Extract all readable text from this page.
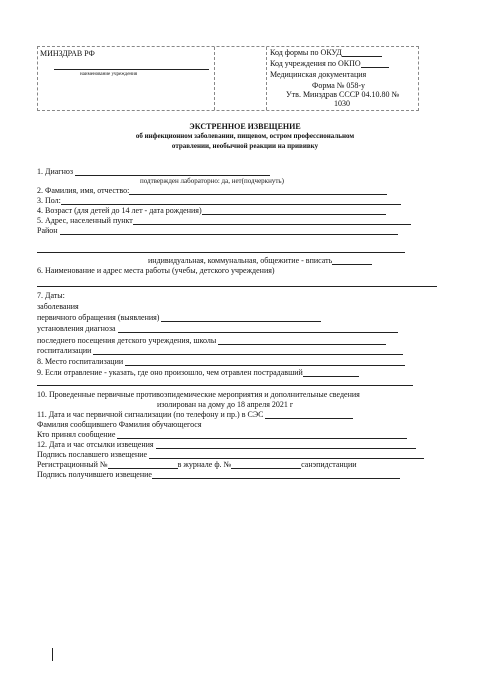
МИНЗДРАВ РФ
наименование учреждения
Код формы по ОКУД
Код учреждения по ОКПО
Медицинская документация
Форма № 058-у
Утв. Минздрав СССР 04.10.80 №
1030
ЭКСТРЕННОЕ ИЗВЕЩЕНИЕ
об инфекционном заболевании, пищевом, остром профессиональном
отравлении, необычной реакции на прививку
1. Диагноз
подтвержден лабораторно: да, нет(подчеркнуть)
2. Фамилия, имя, отчество:
3. Пол:
4. Возраст (для детей до 14 лет - дата рождения)
5. Адрес, населенный пункт
Район
индивидуальная, коммунальная, общежитие - вписать
6. Наименование и адрес места работы (учебы, детского учреждения)
7. Даты:
заболевания
первичного обращения (выявления)
установления диагноза
последнего посещения детского учреждения, школы
госпитализации
8. Место госпитализации
9. Если отравление - указать, где оно произошло, чем отравлен пострадавший
10. Проведенные первичные противоэпидемические мероприятия и дополнительные сведения
изолирован на дому до 18 апреля 2021 г
11. Дата и час первичной сигнализации (по телефону и пр.) в СЭС
Фамилия сообщившего Фамилия обучающегося
Кто принял сообщение
12. Дата и час отсылки извещения
Подпись пославшего извещение
Регистрационный №	в журнале ф. №	санэпидстанции
Подпись получившего извещение
